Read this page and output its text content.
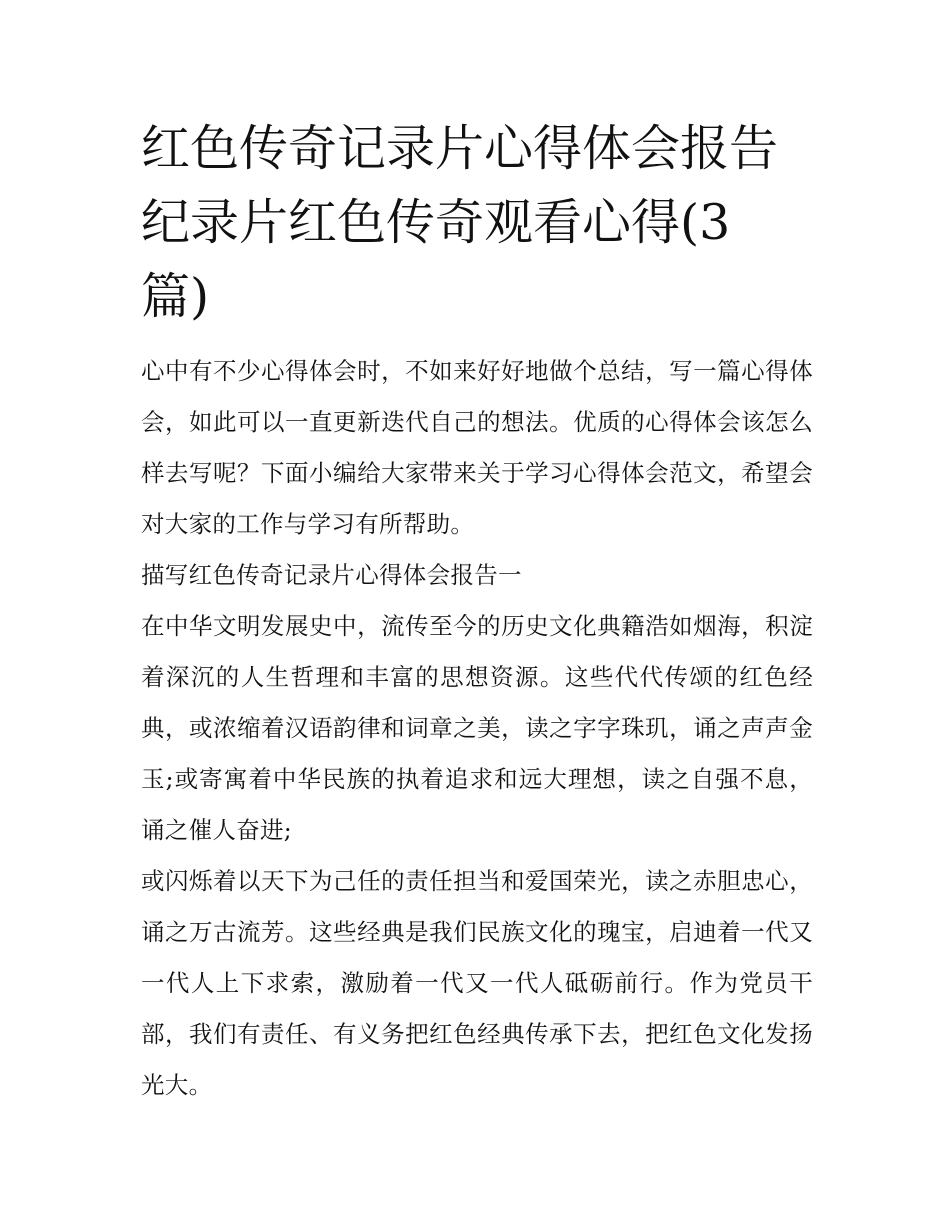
红色传奇记录片心得体会报告
纪录片红色传奇观看心得(3
篇)

心中有不少心得体会时，不如来好好地做个总结，写一篇心得体会，如此可以一直更新迭代自己的想法。优质的心得体会该怎么样去写呢？下面小编给大家带来关于学习心得体会范文，希望会对大家的工作与学习有所帮助。

描写红色传奇记录片心得体会报告一

在中华文明发展史中，流传至今的历史文化典籍浩如烟海，积淀着深沉的人生哲理和丰富的思想资源。这些代代传颂的红色经典，或浓缩着汉语韵律和词章之美，读之字字珠玑，诵之声声金玉;或寄寓着中华民族的执着追求和远大理想，读之自强不息，诵之催人奋进;

或闪烁着以天下为己任的责任担当和爱国荣光，读之赤胆忠心，诵之万古流芳。这些经典是我们民族文化的瑰宝，启迪着一代又一代人上下求索，激励着一代又一代人砥砺前行。作为党员干部，我们有责任、有义务把红色经典传承下去，把红色文化发扬光大。
